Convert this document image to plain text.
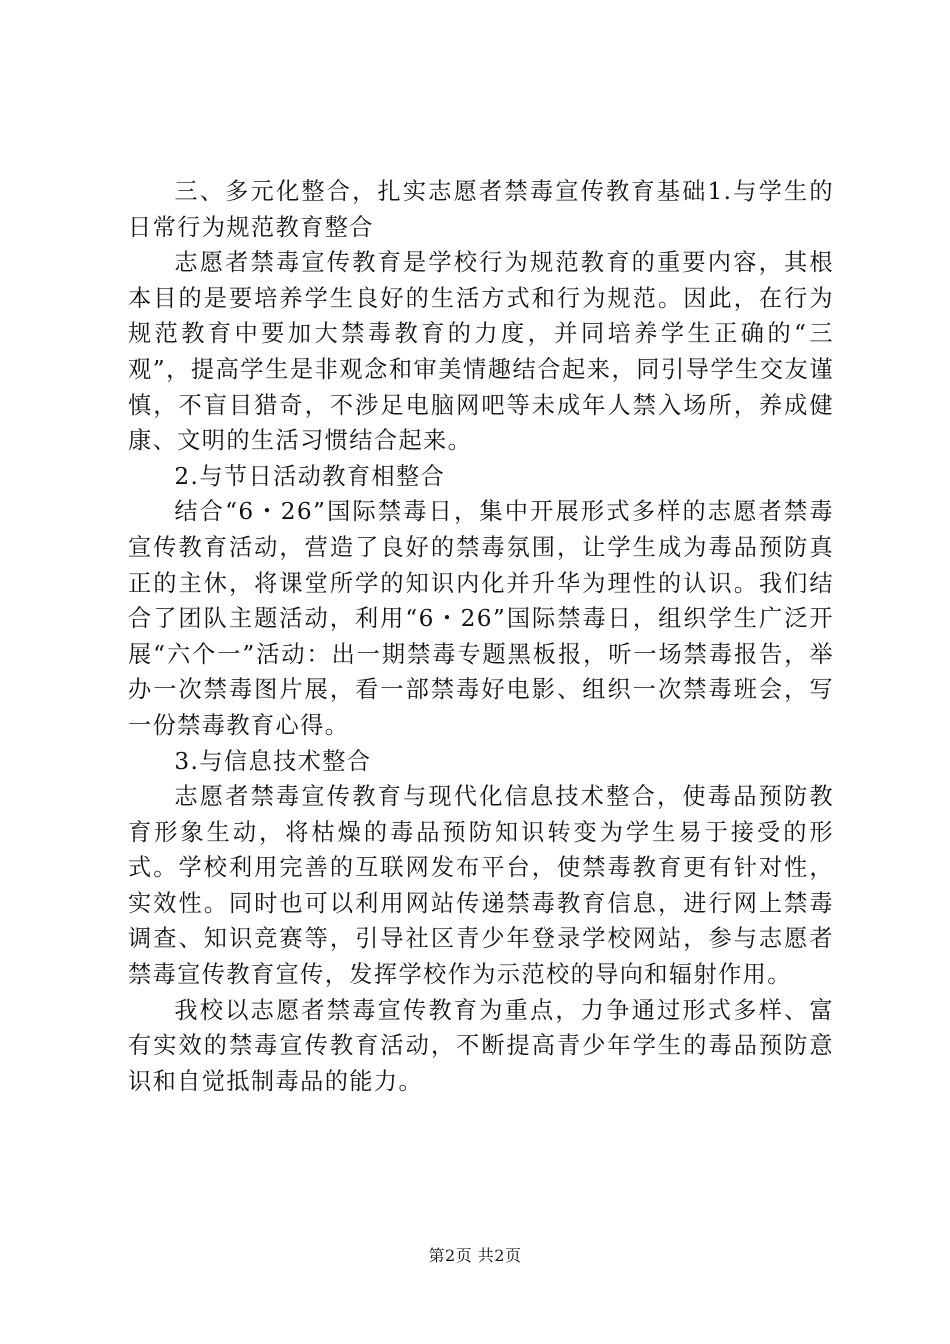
三、多元化整合，扎实志愿者禁毒宣传教育基础1.与学生的日常行为规范教育整合

志愿者禁毒宣传教育是学校行为规范教育的重要内容，其根本目的是要培养学生良好的生活方式和行为规范。因此，在行为规范教育中要加大禁毒教育的力度，并同培养学生正确的“三观”，提高学生是非观念和审美情趣结合起来，同引导学生交友谨慎，不盲目猎奇，不涉足电脑网吧等未成年人禁入场所，养成健康、文明的生活习惯结合起来。

2.与节日活动教育相整合

结合“6・26”国际禁毒日，集中开展形式多样的志愿者禁毒宣传教育活动，营造了良好的禁毒氛围，让学生成为毒品预防真正的主休，将课堂所学的知识内化并升华为理性的认识。我们结合了团队主题活动，利用“6・26”国际禁毒日，组织学生广泛开展“六个一”活动：出一期禁毒专题黑板报，听一场禁毒报告，举办一次禁毒图片展，看一部禁毒好电影、组织一次禁毒班会，写一份禁毒教育心得。

3.与信息技术整合

志愿者禁毒宣传教育与现代化信息技术整合，使毒品预防教育形象生动，将枯燥的毒品预防知识转变为学生易于接受的形式。学校利用完善的互联网发布平台，使禁毒教育更有针对性，实效性。同时也可以利用网站传递禁毒教育信息，进行网上禁毒调查、知识竞赛等，引导社区青少年登录学校网站，参与志愿者禁毒宣传教育宣传，发挥学校作为示范校的导向和辐射作用。

我校以志愿者禁毒宣传教育为重点，力争通过形式多样、富有实效的禁毒宣传教育活动，不断提高青少年学生的毒品预防意识和自觉抵制毒品的能力。

第2页 共2页
